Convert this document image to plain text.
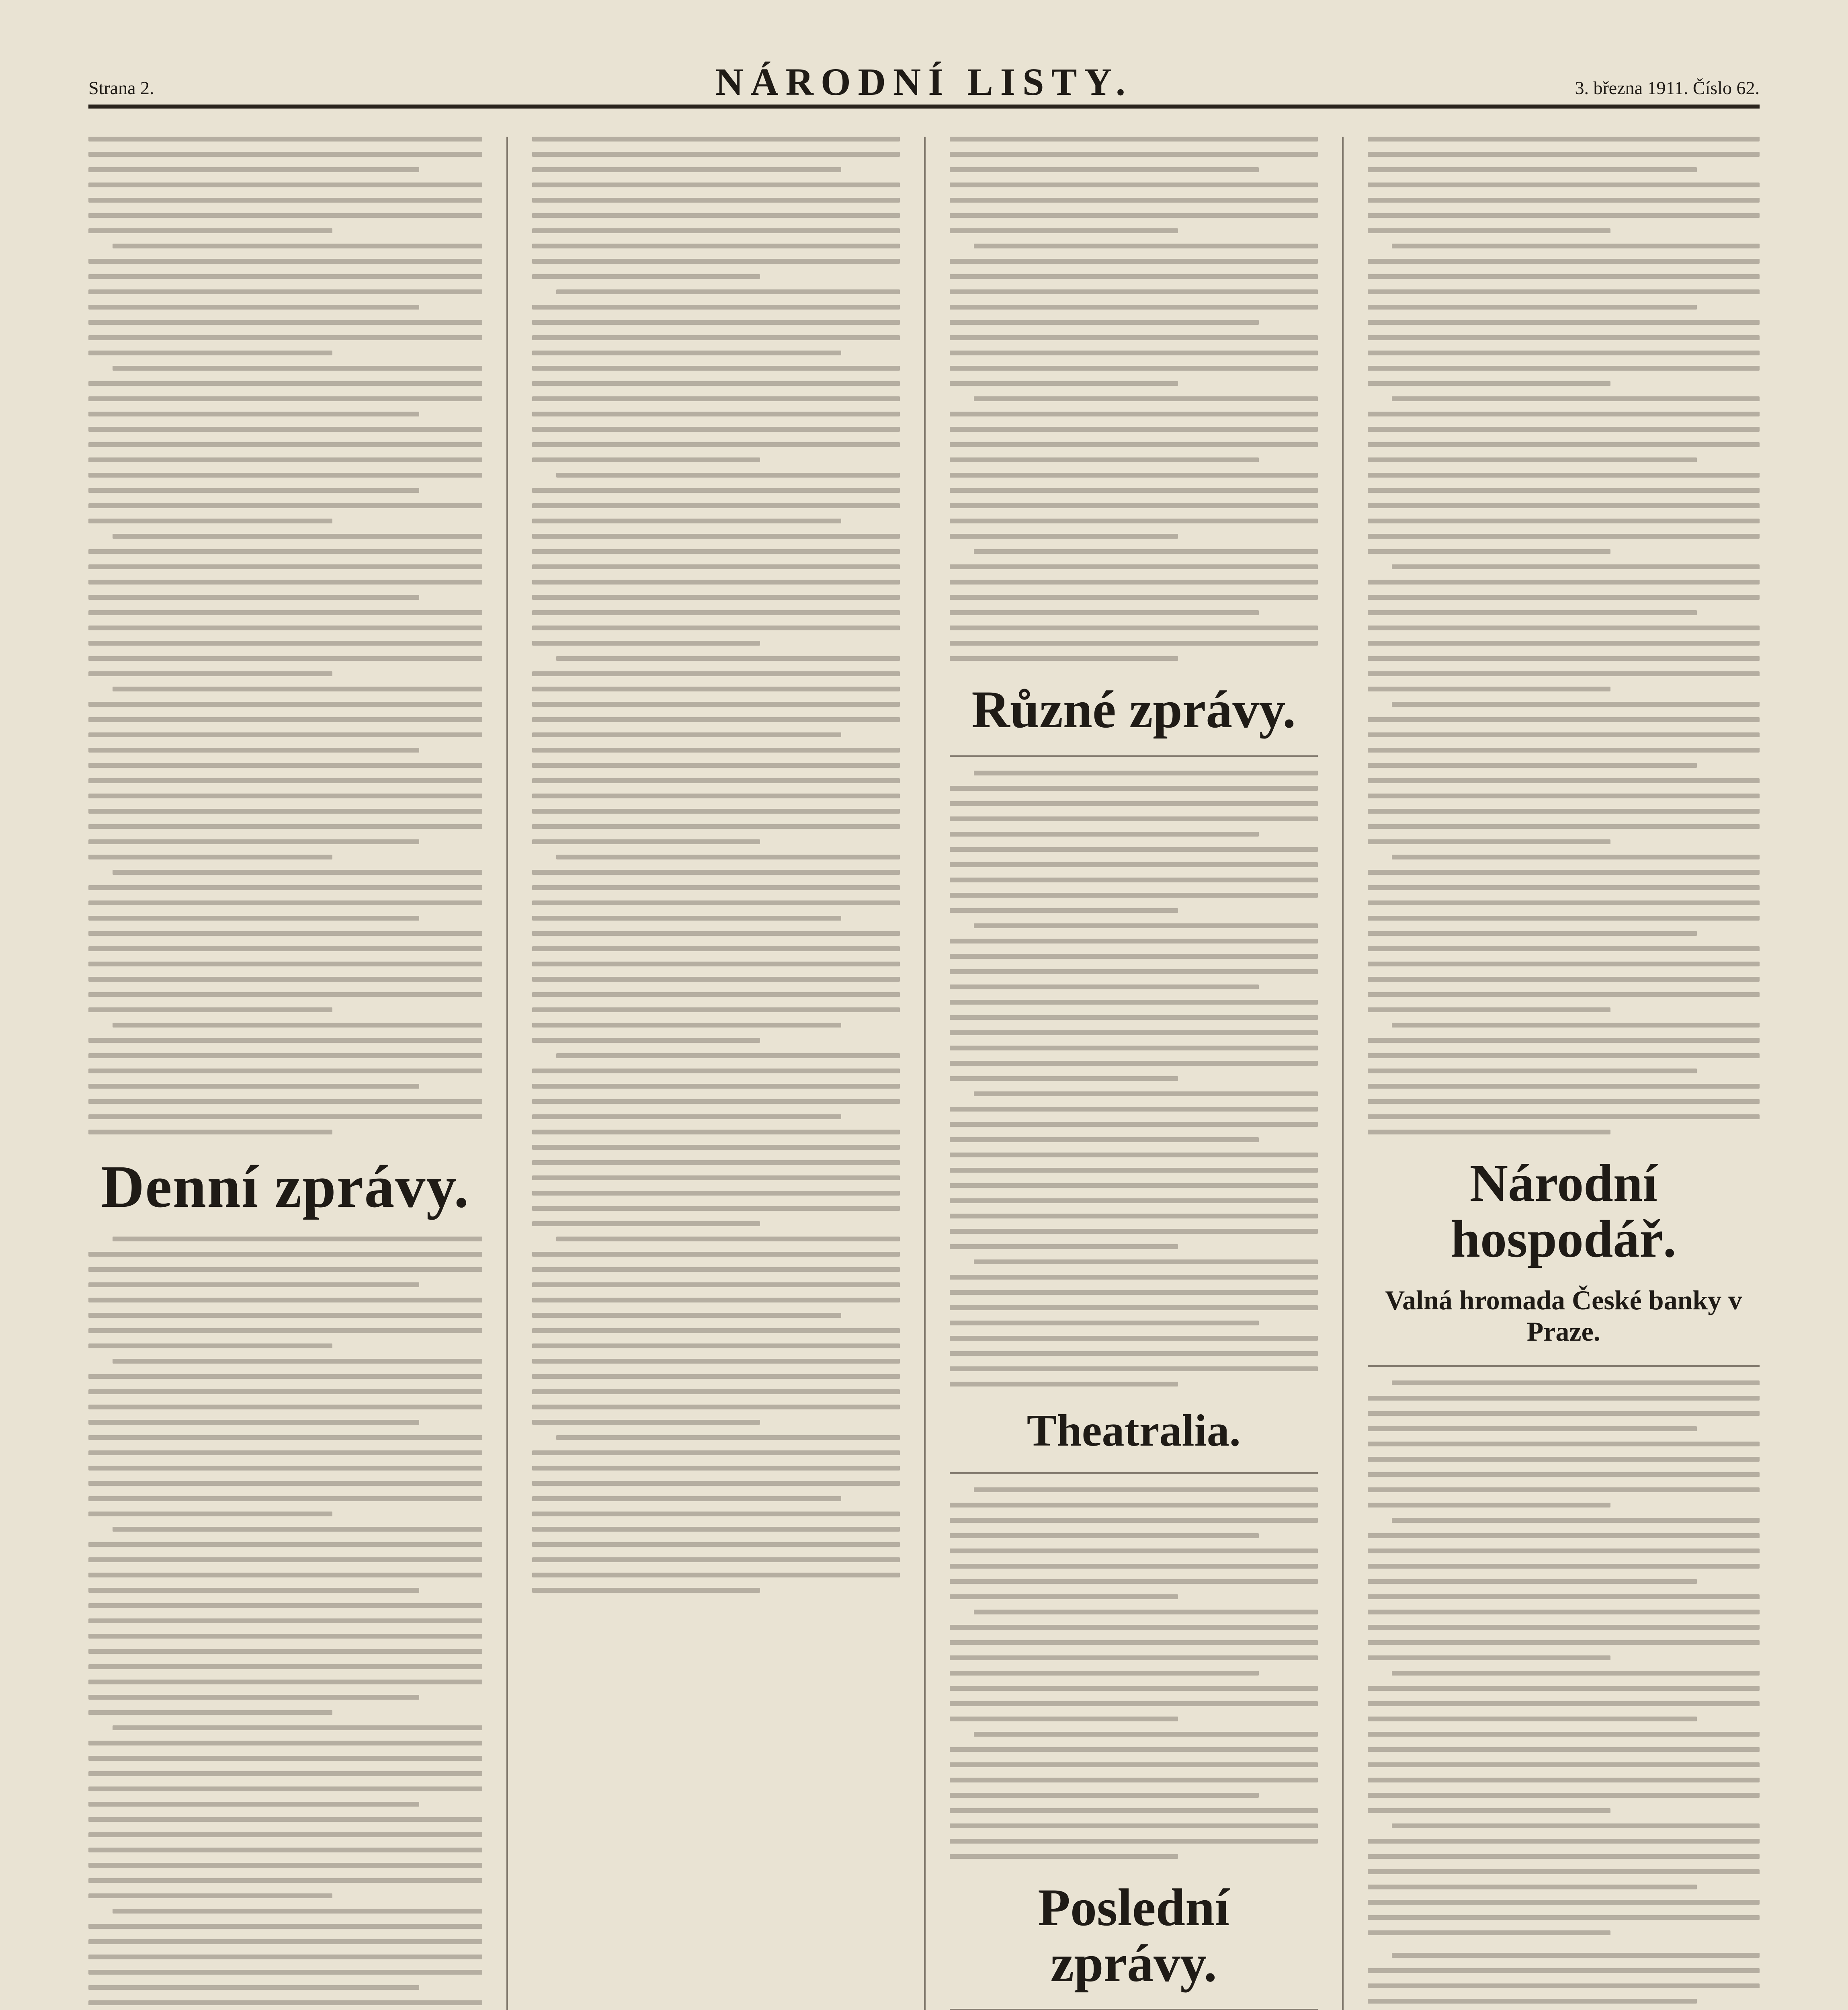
Strana 2.	NÁRODNÍ LISTY.	3. března 1911. Číslo 62.
Denní zprávy.
Různé zprávy.
Theatralia.
Poslední zprávy.
Národní hospodář.
Valná hromada České banky v Praze.
